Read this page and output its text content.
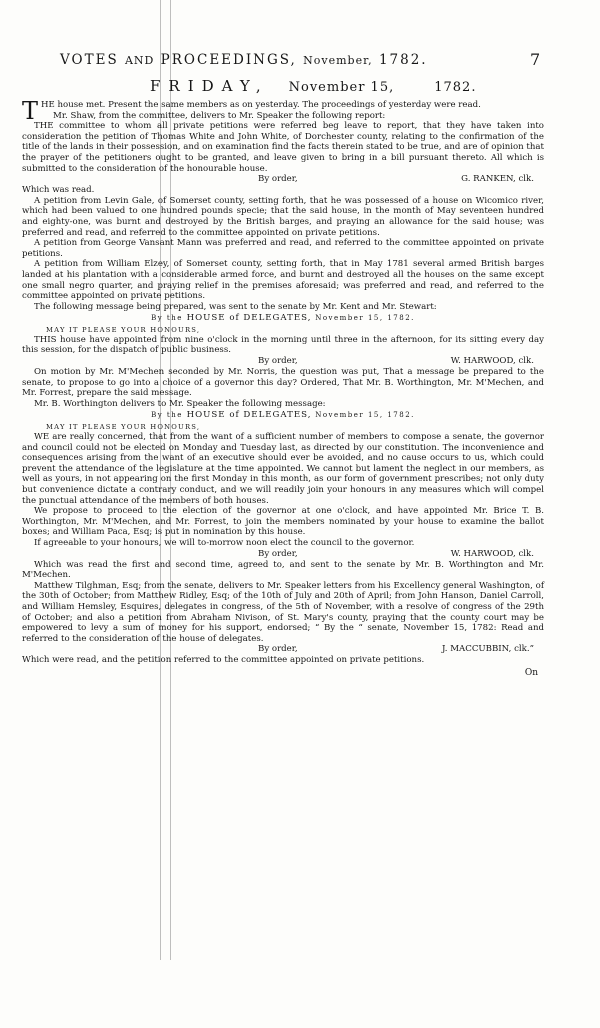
VOTES AND PROCEEDINGS, November, 1782.	7
FRIDAY, November 15,	1782.
T HE house met. Present the same members as on yesterday. The proceedings of yesterday were read.

Mr. Shaw, from the committee, delivers to Mr. Speaker the following report:

THE committee to whom all private petitions were referred beg leave to report, that they have taken into consideration the petition of Thomas White and John White, of Dorchester county, relating to the confirmation of the title of the lands in their possession, and on examination find the facts therein stated to be true, and are of opinion that the prayer of the petitioners ought to be granted, and leave given to bring in a bill pursuant thereto. All which is submitted to the consideration of the honourable house.

By order,	G. RANKEN, clk.

Which was read.

A petition from Levin Gale, of Somerset county, setting forth, that he was possessed of a house on Wicomico river, which had been valued to one hundred pounds specie; that the said house, in the month of May seventeen hundred and eighty-one, was burnt and destroyed by the British barges, and praying an allowance for the said house; was preferred and read, and referred to the committee appointed on private petitions.

A petition from George Vansant Mann was preferred and read, and referred to the committee appointed on private petitions.

A petition from William Elzey, of Somerset county, setting forth, that in May 1781 several armed British barges landed at his plantation with a considerable armed force, and burnt and destroyed all the houses on the same except one small negro quarter, and praying relief in the premises aforesaid; was preferred and read, and referred to the committee appointed on private petitions.

The following message being prepared, was sent to the senate by Mr. Kent and Mr. Stewart:

By the HOUSE of DELEGATES, November 15, 1782.
MAY IT PLEASE YOUR HONOURS,

THIS house have appointed from nine o'clock in the morning until three in the afternoon, for its sitting every day this session, for the dispatch of public business.

By order,	W. HARWOOD, clk.

On motion by Mr. M'Mechen seconded by Mr. Norris, the question was put, That a message be prepared to the senate, to propose to go into a choice of a governor this day? Ordered, That Mr. B. Worthington, Mr. M'Mechen, and Mr. Forrest, prepare the said message.

Mr. B. Worthington delivers to Mr. Speaker the following message:

By the HOUSE of DELEGATES, November 15, 1782.
MAY IT PLEASE YOUR HONOURS,

WE are really concerned, that from the want of a sufficient number of members to compose a senate, the governor and council could not be elected on Monday and Tuesday last, as directed by our constitution. The inconvenience and consequences arising from the want of an executive should ever be avoided, and no cause occurs to us, which could prevent the attendance of the legislature at the time appointed. We cannot but lament the neglect in our members, as well as yours, in not appearing on the first Monday in this month, as our form of government prescribes; not only duty but convenience dictate a contrary conduct, and we will readily join your honours in any measures which will compel the punctual attendance of the members of both houses.

We propose to proceed to the election of the governor at one o'clock, and have appointed Mr. Brice T. B. Worthington, Mr. M'Mechen, and Mr. Forrest, to join the members nominated by your house to examine the ballot boxes; and William Paca, Esq; is put in nomination by this house.

If agreeable to your honours, we will to-morrow noon elect the council to the governor.

By order,	W. HARWOOD, clk.

Which was read the first and second time, agreed to, and sent to the senate by Mr. B. Worthington and Mr. M'Mechen.

Matthew Tilghman, Esq; from the senate, delivers to Mr. Speaker letters from his Excellency general Washington, of the 30th of October; from Matthew Ridley, Esq; of the 10th of July and 20th of April; from John Hanson, Daniel Carroll, and William Hemsley, Esquires, delegates in congress, of the 5th of November, with a resolve of congress of the 29th of October; and also a petition from Abraham Nivison, of St. Mary's county, praying that the county court may be empowered to levy a sum of money for his support, endorsed; “ By the “ senate, November 15, 1782: Read and referred to the consideration of the house of delegates.

By order,	J. MACCUBBIN, clk.”

Which were read, and the petition referred to the committee appointed on private petitions.

On
